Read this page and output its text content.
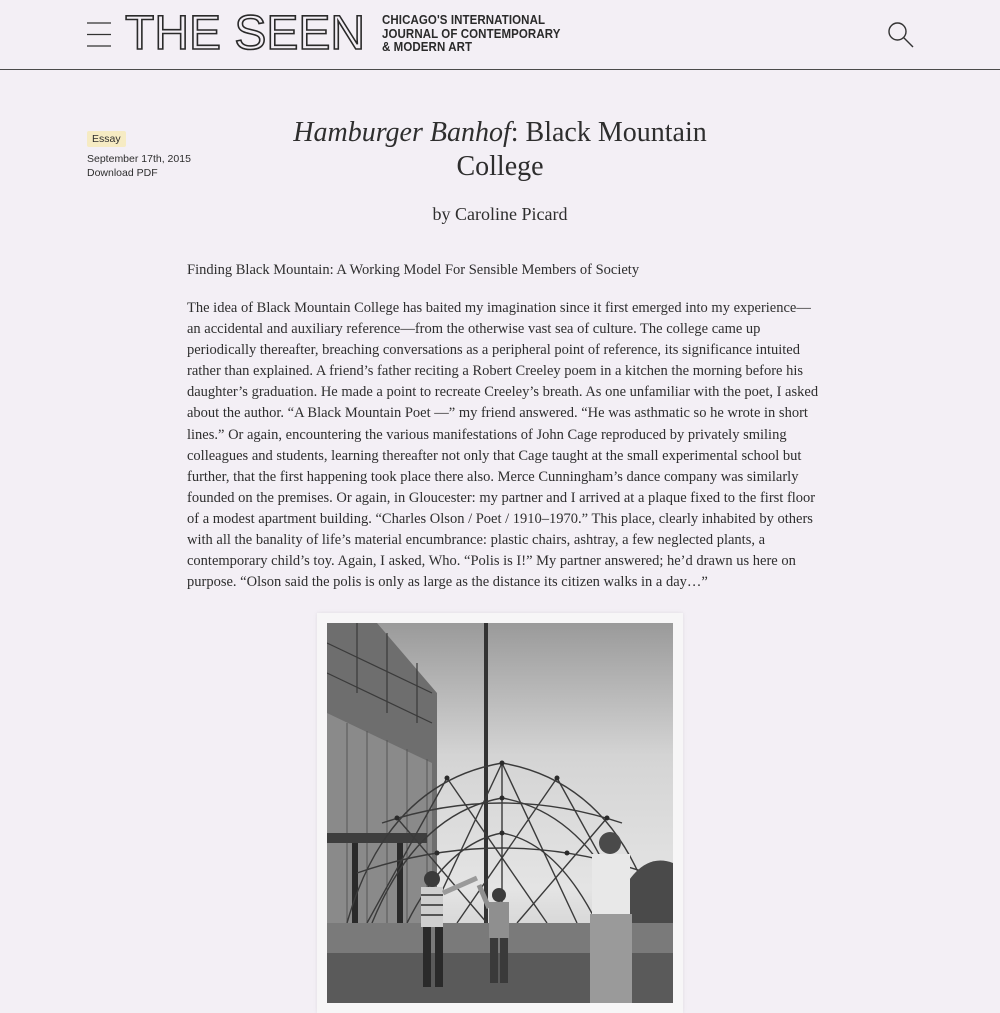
THE SEEN CHICAGO'S INTERNATIONAL
JOURNAL OF CONTEMPORARY
& MODERN ART
Essay
September 17th, 2015
Download PDF
Hamburger Banhof: Black Mountain College
by Caroline Picard
Finding Black Mountain: A Working Model For Sensible Members of Society

The idea of Black Mountain College has baited my imagination since it first emerged into my experience—an accidental and auxiliary reference—from the otherwise vast sea of culture. The college came up periodically thereafter, breaching conversations as a peripheral point of reference, its significance intuited rather than explained. A friend’s father reciting a Robert Creeley poem in a kitchen the morning before his daughter’s graduation. He made a point to recreate Creeley’s breath. As one unfamiliar with the poet, I asked about the author. “A Black Mountain Poet —” my friend answered. “He was asthmatic so he wrote in short lines.” Or again, encountering the various manifestations of John Cage reproduced by privately smiling colleagues and students, learning thereafter not only that Cage taught at the small experimental school but further, that the first happening took place there also. Merce Cunningham’s dance company was similarly founded on the premises. Or again, in Gloucester: my partner and I arrived at a plaque fixed to the first floor of a modest apartment building. “Charles Olson / Poet / 1910–1970.” This place, clearly inhabited by others with all the banality of life’s material encumbrance: plastic chairs, ashtray, a few neglected plants, a contemporary child’s toy. Again, I asked, Who. “Polis is I!” My partner answered; he’d drawn us here on purpose. “Olson said the polis is only as large as the distance its citizen walks in a day…”
